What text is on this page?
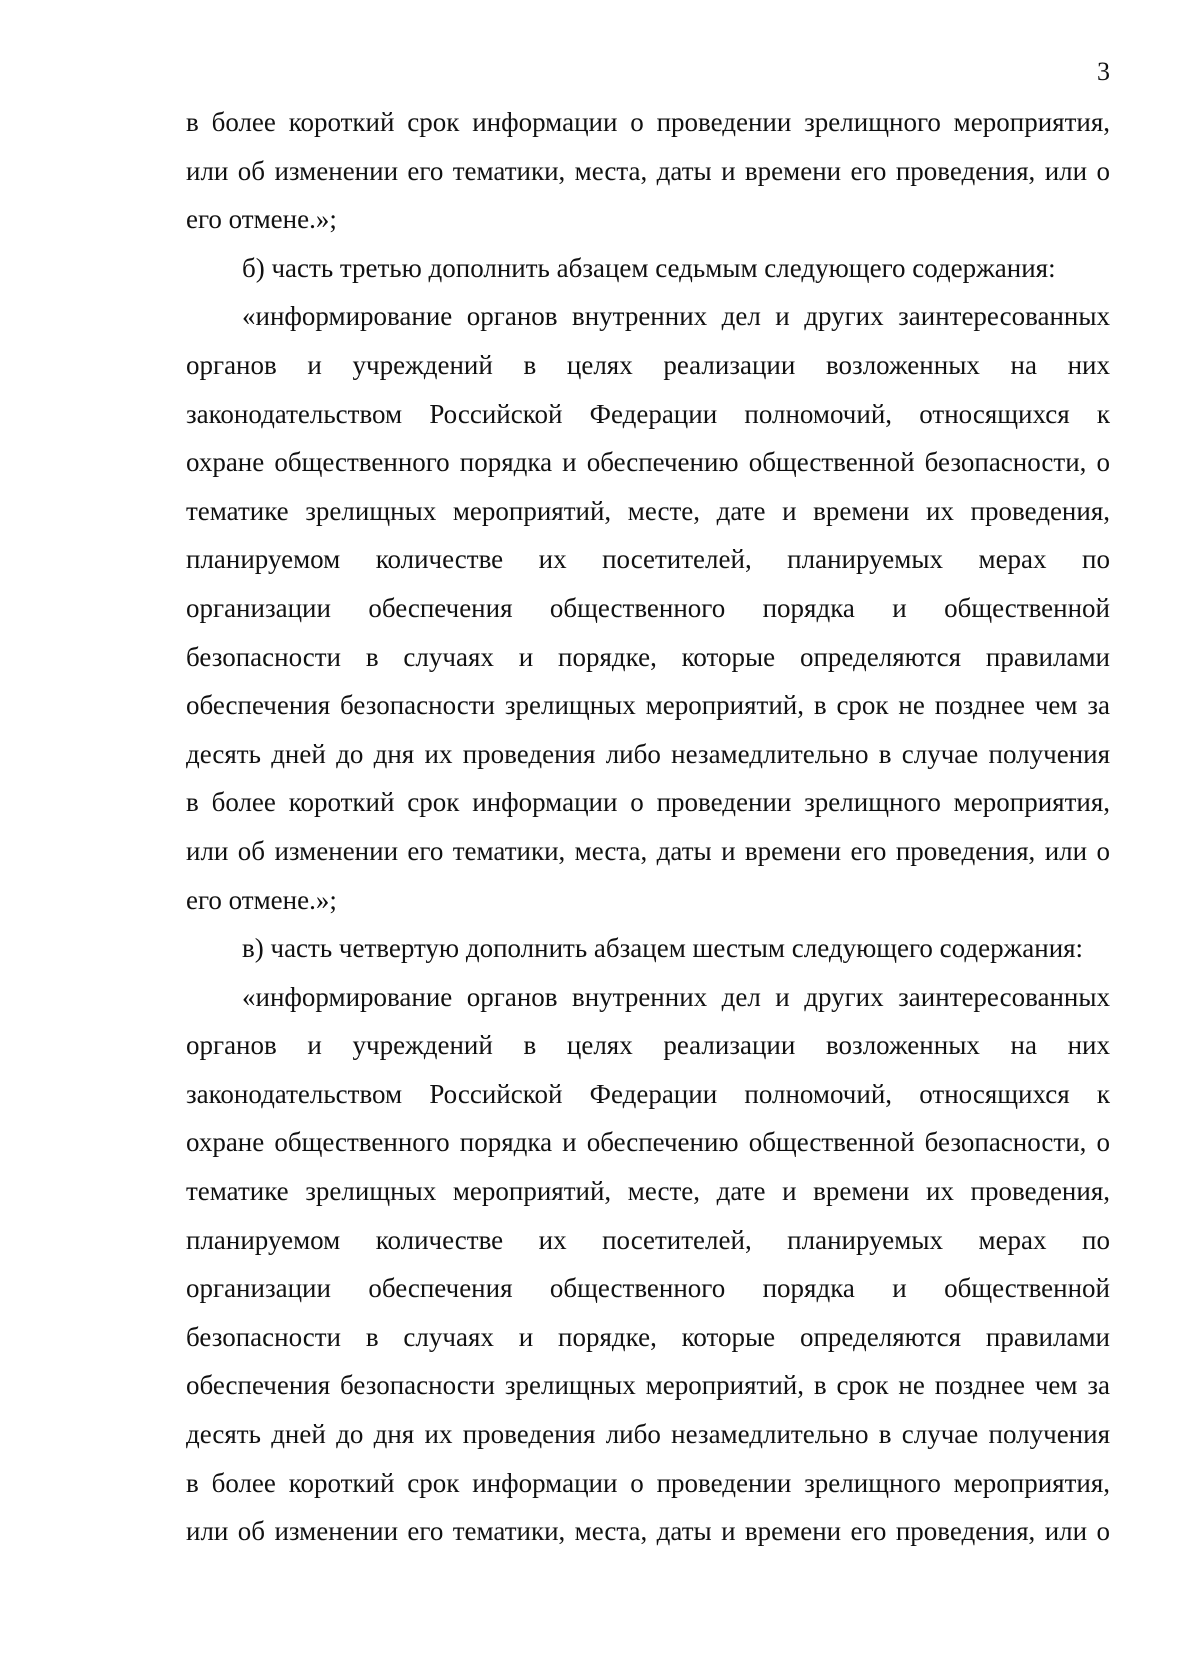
3
в более короткий срок информации о проведении зрелищного мероприятия,
или об изменении его тематики, места, даты и времени его проведения, или о
его отмене.»;
б) часть третью дополнить абзацем седьмым следующего содержания:
«информирование органов внутренних дел и других заинтересованных
органов и учреждений в целях реализации возложенных на них
законодательством Российской Федерации полномочий, относящихся к
охране общественного порядка и обеспечению общественной безопасности, о
тематике зрелищных мероприятий, месте, дате и времени их проведения,
планируемом количестве их посетителей, планируемых мерах по
организации обеспечения общественного порядка и общественной
безопасности в случаях и порядке, которые определяются правилами
обеспечения безопасности зрелищных мероприятий, в срок не позднее чем за
десять дней до дня их проведения либо незамедлительно в случае получения
в более короткий срок информации о проведении зрелищного мероприятия,
или об изменении его тематики, места, даты и времени его проведения, или о
его отмене.»;
в) часть четвертую дополнить абзацем шестым следующего содержания:
«информирование органов внутренних дел и других заинтересованных
органов и учреждений в целях реализации возложенных на них
законодательством Российской Федерации полномочий, относящихся к
охране общественного порядка и обеспечению общественной безопасности, о
тематике зрелищных мероприятий, месте, дате и времени их проведения,
планируемом количестве их посетителей, планируемых мерах по
организации обеспечения общественного порядка и общественной
безопасности в случаях и порядке, которые определяются правилами
обеспечения безопасности зрелищных мероприятий, в срок не позднее чем за
десять дней до дня их проведения либо незамедлительно в случае получения
в более короткий срок информации о проведении зрелищного мероприятия,
или об изменении его тематики, места, даты и времени его проведения, или о
